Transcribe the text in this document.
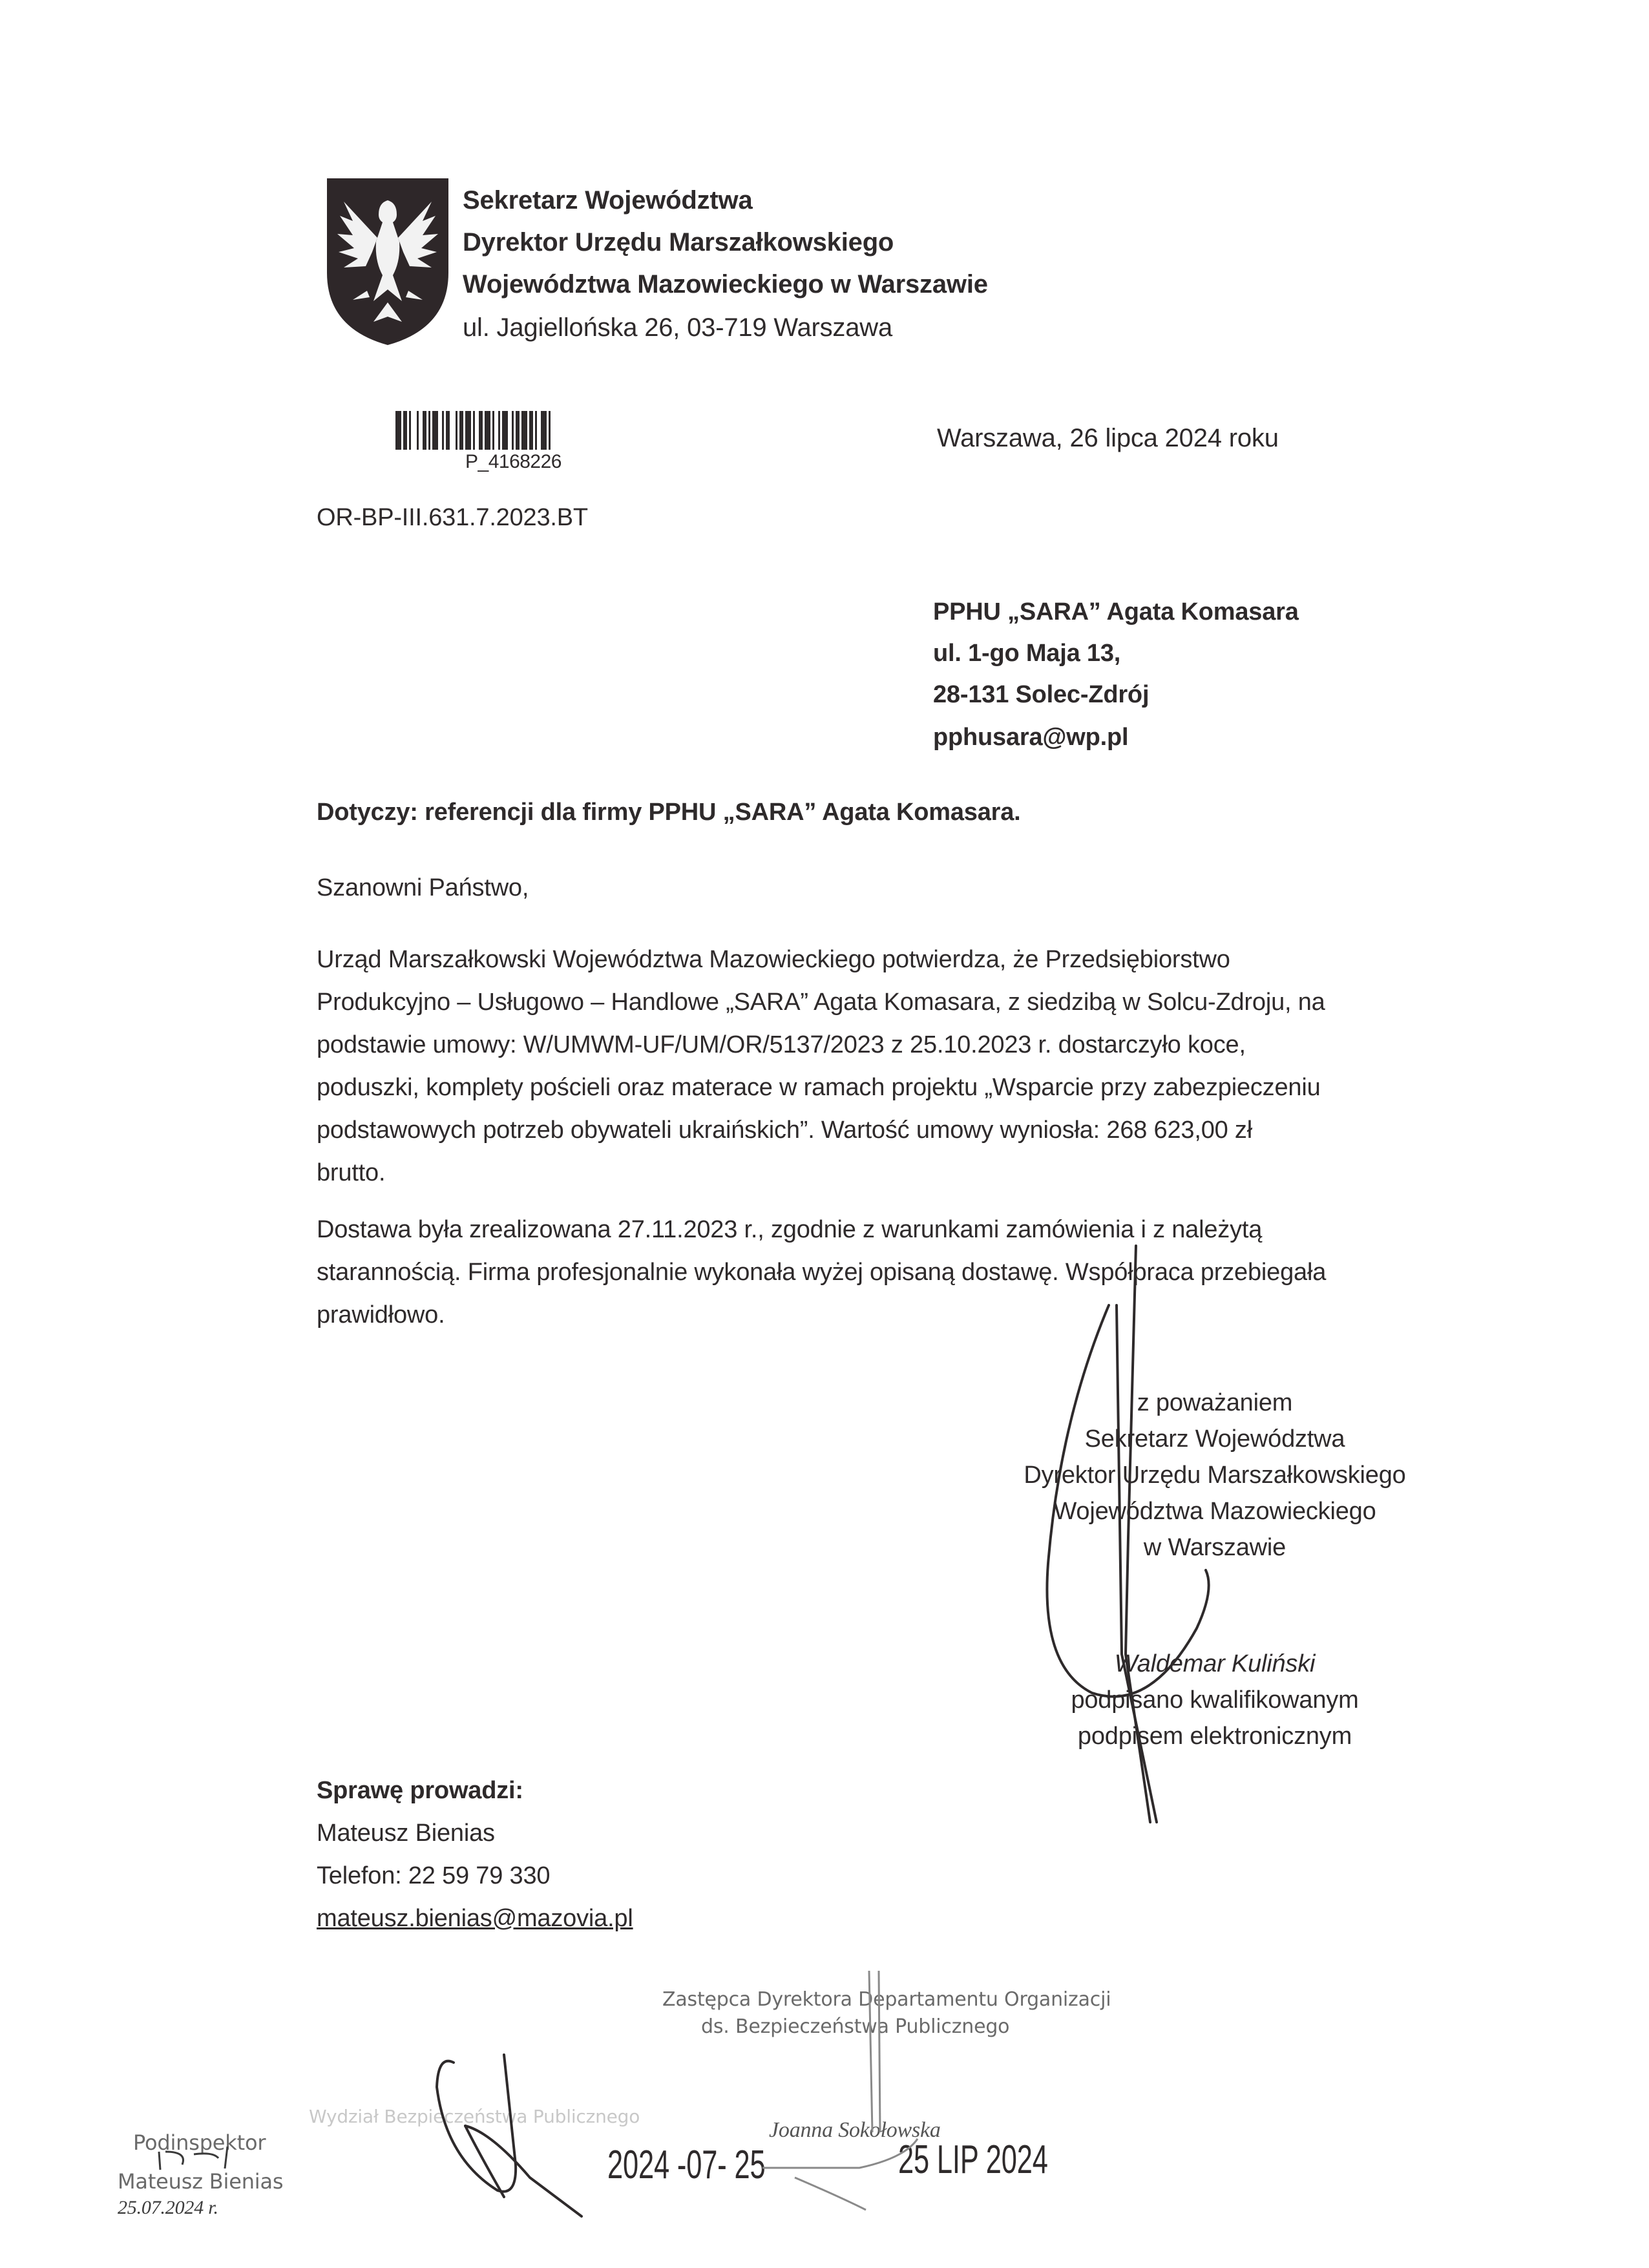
Sekretarz Województwa
Dyrektor Urzędu Marszałkowskiego
Województwa Mazowieckiego w Warszawie
ul. Jagiellońska 26, 03-719 Warszawa
P_4168226
Warszawa, 26 lipca 2024 roku
OR-BP-III.631.7.2023.BT
PPHU „SARA” Agata Komasara
ul. 1-go Maja 13,
28-131 Solec-Zdrój
pphusara@wp.pl
Dotyczy: referencji dla firmy PPHU „SARA” Agata Komasara.
Szanowni Państwo,
Urząd Marszałkowski Województwa Mazowieckiego potwierdza, że Przedsiębiorstwo
Produkcyjno – Usługowo – Handlowe „SARA” Agata Komasara, z siedzibą w Solcu-Zdroju, na
podstawie umowy: W/UMWM-UF/UM/OR/5137/2023 z 25.10.2023 r. dostarczyło koce,
poduszki, komplety pościeli oraz materace w ramach projektu „Wsparcie przy zabezpieczeniu
podstawowych potrzeb obywateli ukraińskich”. Wartość umowy wyniosła: 268 623,00 zł
brutto.
Dostawa była zrealizowana 27.11.2023 r., zgodnie z warunkami zamówienia i z należytą
starannością. Firma profesjonalnie wykonała wyżej opisaną dostawę. Współpraca przebiegała
prawidłowo.
z poważaniem
Sekretarz Województwa
Dyrektor Urzędu Marszałkowskiego
Województwa Mazowieckiego
w Warszawie
Waldemar Kuliński
podpisano kwalifikowanym
podpisem elektronicznym
Sprawę prowadzi:
Mateusz Bienias
Telefon: 22 59 79 330
mateusz.bienias@mazovia.pl
Zastępca Dyrektora Departamentu Organizacji
ds. Bezpieczeństwa Publicznego
Wydział Bezpieczeństwa Publicznego
Joanna Sokołowska
2024 -07- 25	25 LIP 2024
Podinspektor
Mateusz Bienias
25.07.2024 r.
